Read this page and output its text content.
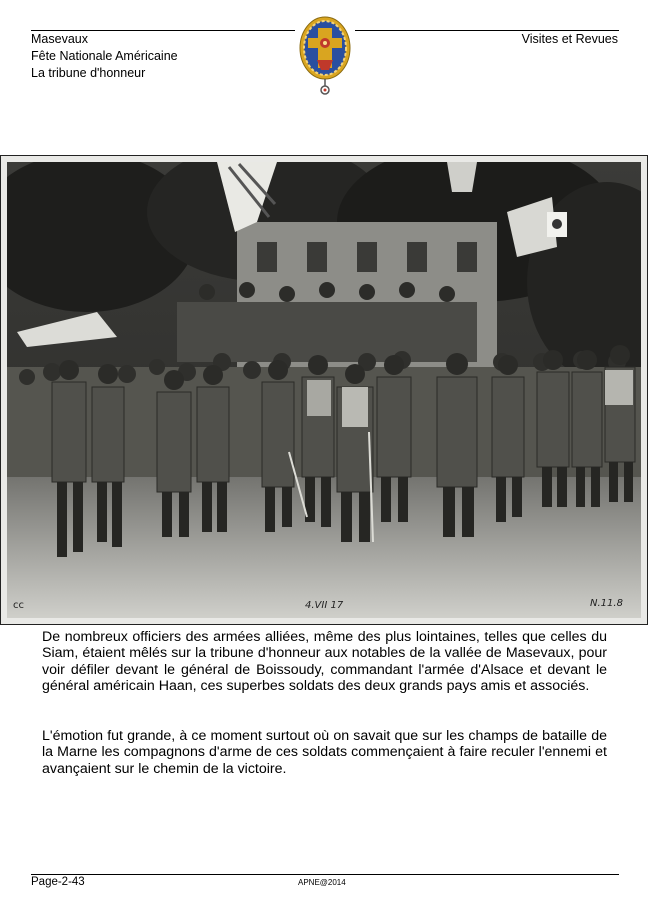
Masevaux
Fête Nationale Américaine
La tribune d'honneur
Visites et Revues
cc	4.VII 17	N.11.8
De nombreux officiers des armées alliées, même des plus lointaines, telles que celles du Siam, étaient mêlés sur la tribune d'honneur aux notables de la vallée de Masevaux, pour voir défiler devant le général de Boissoudy, commandant l'armée d'Alsace et devant le général américain Haan, ces superbes soldats des deux grands pays amis et associés.
L'émotion fut grande, à ce moment surtout où on savait que sur les champs de bataille de la Marne les compagnons d'arme de ces soldats commençaient à faire reculer l'ennemi et avançaient sur le chemin de la victoire.
Page-2-43	APNE@2014
